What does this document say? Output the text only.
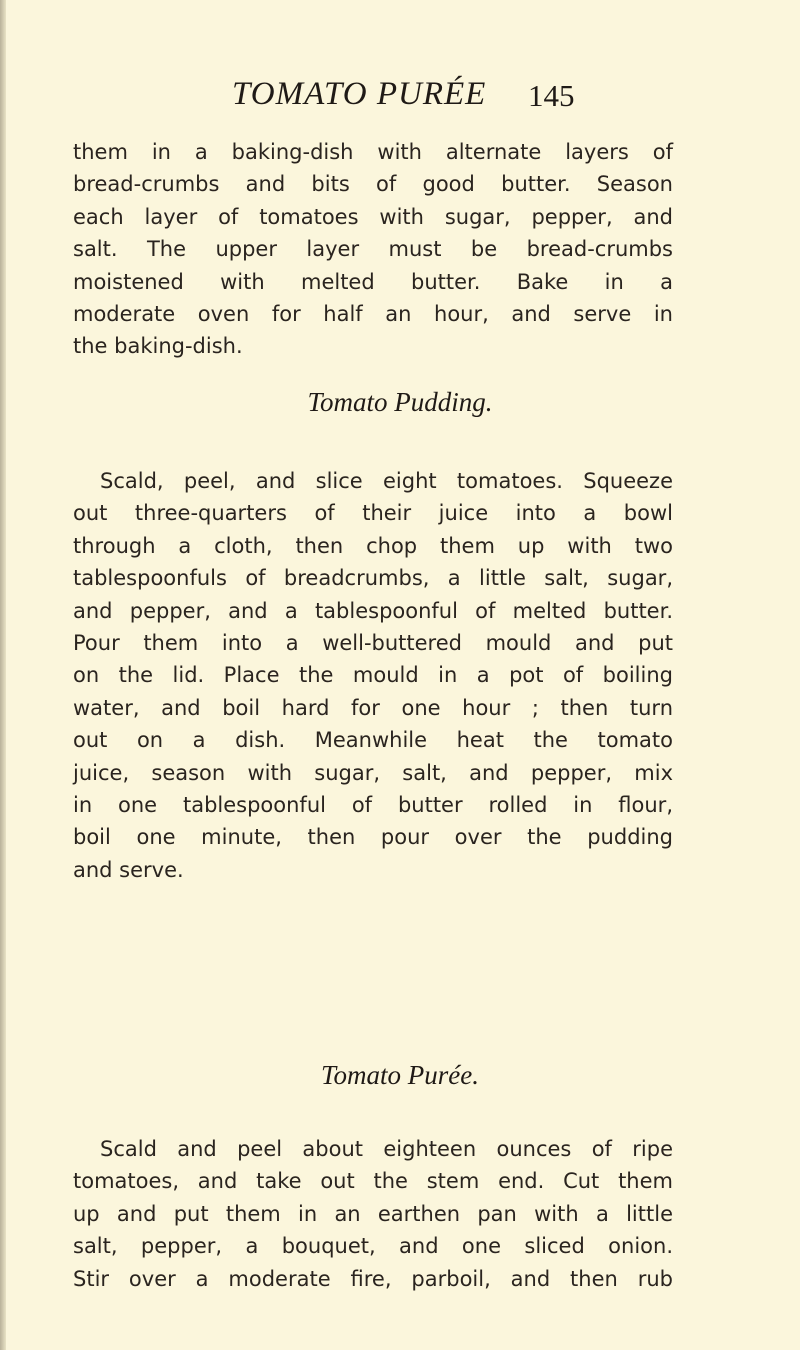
TOMATO PURÉE 145
them in a baking-dish with alternate layers of
bread-crumbs and bits of good butter. Season
each layer of tomatoes with sugar, pepper, and
salt. The upper layer must be bread-crumbs
moistened with melted butter. Bake in a
moderate oven for half an hour, and serve in
the baking-dish.
Tomato Pudding.
Scald, peel, and slice eight tomatoes. Squeeze
out three-quarters of their juice into a bowl
through a cloth, then chop them up with two
tablespoonfuls of breadcrumbs, a little salt, sugar,
and pepper, and a tablespoonful of melted butter.
Pour them into a well-buttered mould and put
on the lid. Place the mould in a pot of boiling
water, and boil hard for one hour ; then turn
out on a dish. Meanwhile heat the tomato
juice, season with sugar, salt, and pepper, mix
in one tablespoonful of butter rolled in flour,
boil one minute, then pour over the pudding
and serve.
Tomato Purée.
Scald and peel about eighteen ounces of ripe
tomatoes, and take out the stem end. Cut them
up and put them in an earthen pan with a little
salt, pepper, a bouquet, and one sliced onion.
Stir over a moderate fire, parboil, and then rub
